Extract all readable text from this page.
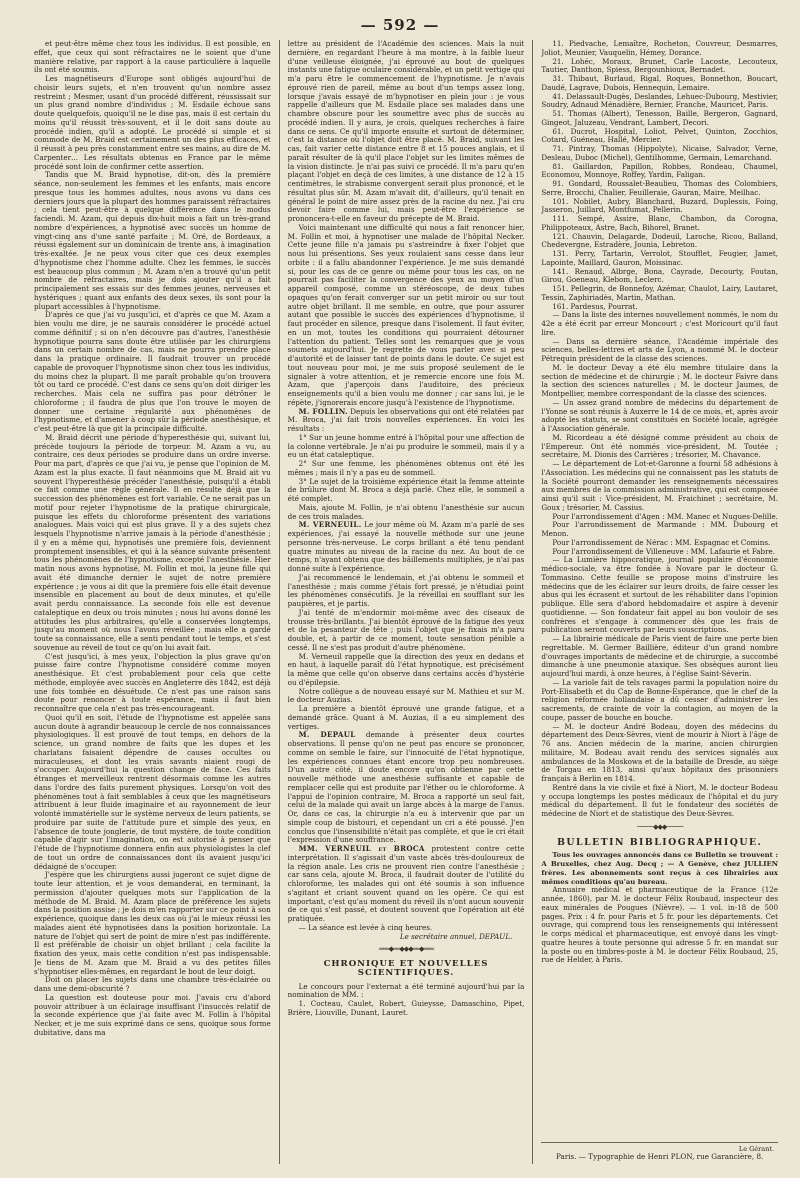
— 592 —

et peut-être même chez tous les individus. Il est possible, en effet, que ceux qui sont réfractaires ne le soient que d'une manière relative, par rapport à la cause particulière à laquelle ils ont été soumis.

Les magnétiseurs d'Europe sont obligés aujourd'hui de choisir leurs sujets, et n'en trouvent qu'un nombre assez restreint ; Mesmer, usant d'un procédé différent, réussissait sur un plus grand nombre d'individus ; M. Esdaile échoue sans doute quelquefois, quoiqu'il ne le dise pas, mais il est certain du moins qu'il réussit très-souvent, et il le doit sans doute au procédé indien, qu'il a adopté. Le procédé si simple et si commode de M. Braid est certainement un des plus efficaces, et il réussit à peu près constamment entre ses mains, au dire de M. Carpenter… Les résultats obtenus en France par le même procédé sont loin de confirmer cette assertion.

Tandis que M. Braid hypnotise, dit-on, dès la première séance, non-seulement les femmes et les enfants, mais encore presque tous les hommes adultes, nous avons vu dans ces derniers jours que la plupart des hommes paraissent réfractaires ; cela tient peut-être à quelque différence dans le modus faciendi. M. Azam, qui depuis dix-huit mois a fait un très-grand nombre d'expériences, a hypnotisé avec succès un homme de vingt-cinq ans d'une santé parfaite ; M. Oré, de Bordeaux, a réussi également sur un dominicain de trente ans, à imagination très-exaltée. Je ne peux vous citer que ces deux exemples d'hypnotisme chez l'homme adulte. Chez les femmes, le succès est beaucoup plus commun ; M. Azam n'en a trouvé qu'un petit nombre de réfractaires, mais je dois ajouter qu'il a fait principalement ses essais sur des femmes jeunes, nerveuses et hystériques ; quant aux enfants des deux sexes, ils sont pour la plupart accessibles à l'hypnotisme.

D'après ce que j'ai vu jusqu'ici, et d'après ce que M. Azam a bien voulu me dire, je ne saurais considérer le procédé actuel comme définitif ; si on n'en découvre pas d'autres, l'anesthésie hypnotique pourra sans doute être utilisée par les chirurgiens dans un certain nombre de cas, mais ne pourra prendre place dans la pratique ordinaire. Il faudrait trouver un procédé capable de provoquer l'hypnotisme sinon chez tous les individus, du moins chez la plupart. Il me paraît probable qu'on trouvera tôt ou tard ce procédé. C'est dans ce sens qu'on doit diriger les recherches. Mais cela ne suffira pas pour détrôner le chloroforme ; il faudra de plus que l'on trouve le moyen de donner une certaine régularité aux phénomènes de l'hypnotisme, et d'amener à coup sûr la période anesthésique, et c'est peut-être là que git la principale difficulté.

M. Braid décrit une période d'hyperesthésie qui, suivant lui, précède toujours la période de torpeur. M. Azam a vu, au contraire, ces deux périodes se produire dans un ordre inverse. Pour ma part, d'après ce que j'ai vu, je pense que l'opinion de M. Azam est la plus exacte. Il faut néanmoins que M. Braid ait vu souvent l'hyperesthésie précéder l'anesthésie, puisqu'il a établi ce fait comme une règle générale. Il en résulte déjà que la succession des phénomènes est fort variable. Ce ne serait pas un motif pour rejeter l'hypnotisme de la pratique chirurgicale, puisque les effets du chloroforme présentent des variations analogues. Mais voici qui est plus grave. Il y a des sujets chez lesquels l'hypnotisme n'arrive jamais à la période d'anesthésie ; il y en a même qui, hypnotisés une première fois, deviennent promptement insensibles, et qui à la séance suivante présentent tous les phénomènes de l'hypnotisme, excepté l'anesthésie. Hier matin nous avons hypnotisé, M. Follin et moi, la jeune fille qui avait été dimanche dernier le sujet de notre première expérience ; je vous ai dit que la première fois elle était devenue insensible en placement au bout de deux minutes, et qu'elle avait perdu connaissance. La seconde fois elle est devenue cataleptique en deux ou trois minutes ; nous lui avons donné les attitudes les plus arbitraires, qu'elle a conservées longtemps, jusqu'au moment où nous l'avons réveillée ; mais elle a gardé toute sa connaissance, elle a senti pendant tout le temps, et s'est souvenue au réveil de tout ce qu'on lui avait fait.

C'est jusqu'ici, à mes yeux, l'objection la plus grave qu'on puisse faire contre l'hypnotisme considéré comme moyen anesthésique. Et c'est probablement pour cela que cette méthode, employée avec succès en Angleterre dès 1842, est déjà une fois tombée en désuétude. Ce n'est pas une raison sans doute pour renoncer à toute espérance, mais il faut bien reconnaître que cela n'est pas très-encourageant.

Quoi qu'il en soit, l'étude de l'hypnotisme est appelée sans aucun doute à agrandir beaucoup le cercle de nos connaissances physiologiques. Il est prouvé de tout temps, en dehors de la science, un grand nombre de faits que les dupes et les charlatans faisaient dépendre de causes occultes ou miraculeuses, et dont les vrais savants niaient rougi de s'occuper. Aujourd'hui la question change de face. Ces faits étranges et merveilleux rentrent désormais comme les autres dans l'ordre des faits purement physiques. Lorsqu'on voit des phénomènes tout à fait semblables à ceux que les magnétiseurs attribuent à leur fluide imaginaire et au rayonnement de leur volonté immatérielle sur le système nerveux de leurs patients, se produire par suite de l'attitude pure et simple des yeux, en l'absence de toute jonglerie, de tout mystère, de toute condition capable d'agir sur l'imagination, on est autorisé à penser que l'étude de l'hypnotisme donnera enfin aux physiologistes la clef de tout un ordre de connaissances dont ils avaient jusqu'ici dédaigné de s'occuper.

J'espère que les chirurgiens aussi jugeront ce sujet digne de toute leur attention, et je vous demanderai, en terminant, la permission d'ajouter quelques mots sur l'application de la méthode de M. Braid. M. Azam place de préférence les sujets dans la position assise ; je dois m'en rapporter sur ce point à son expérience, quoique dans les deux cas où j'ai le mieux réussi les malades aient été hypnotisées dans la position horizontale. La nature de l'objet qui sert de point de mire n'est pas indifférente. Il est préférable de choisir un objet brillant ; cela facilite la fixation des yeux, mais cette condition n'est pas indispensable. Je tiens de M. Azam que M. Braid a vu des petites filles s'hypnotiser elles-mêmes, en regardant le bout de leur doigt.

Doit on placer les sujets dans une chambre très-éclairée ou dans une demi-obscurité ?

La question est douteuse pour moi. J'avais cru d'abord pouvoir attribuer à un éclairage insuffisant l'insuccès relatif de la seconde expérience que j'ai faite avec M. Follin à l'hôpital Necker, et je me suis exprimé dans ce sens, quoique sous forme dubitative, dans ma

lettre au président de l'Académie des sciences. Mais la nuit dernière, en regardant l'heure à ma montre, à la faible lueur d'une veilleuse éloignée, j'ai éprouvé au bout de quelques instants une fatigue oculaire considérable, et un petit vertige qui m'a paru être le commencement de l'hypnotisme. Je n'avais éprouvé rien de pareil, même au bout d'un temps assez long, lorsque j'avais essayé de m'hypnotiser en plein jour : je vous rappelle d'ailleurs que M. Esdaile place ses malades dans une chambre obscure pour les soumettre avec plus de succès au procédé indien. Il y aura, je crois, quelques recherches à faire dans ce sens. Ce qu'il importe ensuite et surtout de déterminer, c'est la distance où l'objet doit être placé. M. Braid, suivant les cas, fait varier cette distance entre 8 et 15 pouces anglais, et il paraît résulter de là qu'il place l'objet sur les limites mêmes de la vision distincte. Je n'ai pas suivi ce procédé. Il m'a paru qu'en plaçant l'objet en deçà de ces limites, à une distance de 12 à 15 centimètres, le strabisme convergent serait plus prononcé, et le résultat plus sûr. M. Azam m'avait dit, d'ailleurs, qu'il tenait en général le point de mire assez près de la racine du nez. J'ai cru devoir faire comme lui, mais peut-être l'expérience se prononcera-t-elle en faveur du précepte de M. Braid.

Voici maintenant une difficulté qui nous a fait renoncer hier, M. Follin et moi, à hypnotiser une malade de l'hôpital Necker. Cette jeune fille n'a jamais pu s'astreindre à fixer l'objet que nous lui présentions. Ses yeux roulaient sans cesse dans leur orbite : il a fallu abandonner l'expérience. Je me suis demandé si, pour les cas de ce genre ou même pour tous les cas, on ne pourrait pas faciliter la convergence des yeux au moyen d'un appareil composé, comme un stéréoscope, de deux tubes opaques qu'on ferait converger sur un petit miroir ou sur tout autre objet brillant. Il me semble, en outre, que pour assurer autant que possible le succès des expériences d'hypnotisme, il faut procéder en silence, presque dans l'isolement. Il faut éviter, en un mot, toutes les conditions qui pourraient détourner l'attention du patient. Telles sont les remarques que je vous soumets aujourd'hui. Je regrette de vous parler avec si peu d'autorité et de laisser tant de points dans le doute. Ce sujet est tout nouveau pour moi, je me suis proposé seulement de le signaler à votre attention, et je remercie encore une fois M. Azam, que j'aperçois dans l'auditoire, des précieux enseignements qu'il a bien voulu me donner ; car sans lui, je le répète, j'ignorerais encore jusqu'à l'existence de l'hypnotisme.

M. FOLLIN. Depuis les observations qui ont été relatées par M. Broca, j'ai fait trois nouvelles expériences. En voici les résultats :

1° Sur un jeune homme entré à l'hôpital pour une affection de la colonne vertébrale. Je n'ai pu produire le sommeil, mais il y a eu un état cataleptique.

2° Sur une femme, les phénomènes obtenus ont été les mêmes ; mais il n'y a pas eu de sommeil.

3° Le sujet de la troisième expérience était la femme atteinte de brûlure dont M. Broca a déjà parlé. Chez elle, le sommeil a été complet.

Mais, ajoute M. Follin, je n'ai obtenu l'anesthésie sur aucun de ces trois malades.

M. VERNEUIL. Le jour même où M. Azam m'a parlé de ses expériences, j'ai essayé la nouvelle méthode sur une jeune personne très-nerveuse. Le corps brillant a été tenu pendant quatre minutes au niveau de la racine du nez. Au bout de ce temps, n'ayant obtenu que des bâillements multipliés, je n'ai pas donné suite à l'expérience.

J'ai recommencé le lendemain, et j'ai obtenu le sommeil et l'anesthésie ; mais comme j'étais fort pressé, je n'étudiai point les phénomènes consécutifs. Je la réveillai en soufflant sur les paupières, et je partis.

J'ai tenté de m'endormir moi-même avec des ciseaux de trousse très-brillants. J'ai bientôt éprouvé de la fatigue des yeux et de la pesanteur de tête ; puis l'objet que je fixais m'a paru double, et, à partir de ce moment, toute sensation pénible a cessé. Il ne s'est pas produit d'autre phénomène.

M. Verneuil rappelle que la direction des yeux en dedans et en haut, à laquelle paraît dû l'état hypnotique, est précisément la même que celle qu'on observe dans certains accès d'hystérie ou d'épilepsie.

Notre collègue a de nouveau essayé sur M. Mathieu et sur M. le docteur Auzias.

La première a bientôt éprouvé une grande fatigue, et a demandé grâce. Quant à M. Auzias, il a eu simplement des vertiges.

M. DEPAUL demande à présenter deux courtes observations. Il pense qu'on ne peut pas encore se prononcer, comme on semble le faire, sur l'innocuité de l'état hypnotique, les expériences connues étant encore trop peu nombreuses. D'un autre côté, il doute encore qu'on obtienne par cette nouvelle méthode une anesthésie suffisante et capable de remplacer celle qui est produite par l'éther ou le chloroforme. A l'appui de l'opinion contraire, M. Broca a rapporté un seul fait, celui de la malade qui avait un large abcès à la marge de l'anus. Or, dans ce cas, la chirurgie n'a eu à intervenir que par un simple coup de bistouri, et cependant un cri a été poussé. J'en conclus que l'insensibilité n'était pas complète, et que le cri était l'expression d'une souffrance.

MM. VERNEUIL et BROCA protestent contre cette interprétation. Il s'agissait d'un vaste abcès très-douloureux de la région anale. Les cris ne prouvent rien contre l'anesthésie ; car sans cela, ajoute M. Broca, il faudrait douter de l'utilité du chloroforme, les malades qui ont été soumis à son influence s'agitant et criant souvent quand on les opère. Ce qui est important, c'est qu'au moment du réveil ils n'ont aucun souvenir de ce qui s'est passé, et doutent souvent que l'opération ait été pratiquée.

— La séance est levée à cinq heures.

Le secrétaire annuel, DEPAUL.

═══◆══◆◆◆══◆═══
CHRONIQUE ET NOUVELLES SCIENTIFIQUES.

Le concours pour l'externat a été terminé aujourd'hui par la nomination de MM. :

1. Cocteau, Caulet, Robert, Guieysse, Damaschino, Pipet, Brière, Liouville, Dunant, Lauret.

11. Piedvache, Lemaître, Rocheton, Couvreur, Desmarres, Joliot, Meunier, Vauquelin, Hémey, Dorance.

21. Lohéc, Moraux, Brunet, Carle Lacoste, Lecouteux, Tautier, Danthon, Spiess, Bergounhioux, Bernadet.

31. Thibaut, Burlaud, Rigal, Roques, Bonnethon, Boucart, Daudé, Lagrave, Dubois, Hennequin, Lemaire.

41. Delassault-Dugès, Deslandes, Lehuec-Dubourg, Mestivier, Soudry, Adnaud Ménadière, Bernier, Franche, Mauricet, Paris.

51. Thomas (Albert), Tenesson, Baille, Bergeron, Gagnard, Gingeot, Jaluzeau, Vendrant, Lambert, Decori.

61. Ducrot, Hospital, Loliot, Pelvet, Quinton, Zocchios, Cotard, Guéneau, Hallé, Mercier.

71. Pintray, Thomas (Hippolyte), Nicaise, Salvador, Verne, Desleau, Duboc (Michel), Gentilhomme, Germain, Lemarchand.

81. Gaillardon, Papillon, Robbes, Rondeau, Chaumel, Economou, Monnoye, Roffey, Yardin, Faligan.

91. Gondard, Roussalet-Beaulieu, Thomas des Colombiers, Serre, Brocchi, Chalier, Feuilleraie, Gauran, Maire, Meilhac.

101. Nobilet, Aubry, Blanchard, Buzard, Duplessis, Foing, Jasseron, Juillard, Montfumat, Pellerin.

111. Sempé, Assire, Blanc, Chambon, da Corogna, Philippoteaux, Astre, Bach, Bihorel, Branet.

121. Chauvin, Delagarde, Dodeuil, Laroche, Ricou, Balland, Chedevergne, Estradère, Jounia, Lebreton.

131. Perry, Tartarin, Verrolot, Stoufflet, Feugier, Jamet, Lapointe, Maillard, Gauron, Moissinac.

141. Renaud, Albrge, Bona, Cayrade, Decourty, Foutan, Girou, Goeneau, Klebom, Leclerc.

151. Pellegrin, de Bonnefoy, Azémar, Chaulot, Lairy, Lautaret, Tessin, Zaphiriadès, Martin, Mathan.

161. Pardesus, Pourrat.

— Dans la liste des internes nouvellement nommés, le nom du 42e a été écrit par erreur Moncourt ; c'est Moricourt qu'il faut lire.

— Dans sa dernière séance, l'Académie impériale des sciences, belles-lettres et arts de Lyon, a nommé M. le docteur Pétrequin président de la classe des sciences.

M. le docteur Devay a été élu membre titulaire dans la section de médecine et de chirurgie ; M. le docteur Faivre dans la section des sciences naturelles ; M. le docteur Jaumes, de Montpellier, membre correspondant de la classe des sciences.

— Un assez grand nombre de médecins du département de l'Yonne se sont réunis à Auxerre le 14 de ce mois, et, après avoir adopté les statuts, se sont constitués en Société locale, agrégée à l'Association générale.

M. Ricordeau a été désigné comme président au choix de l'Empereur. Ont été nommés vice-président, M. Toutée ; secrétaire, M. Dionis des Carrières ; trésorier, M. Chavance.

— Le département de Lot-et-Garonne a fourni 58 adhésions à l'Association. Les médecins qui ne connaissent pas les statuts de la Société pourront demander les renseignements nécessaires aux membres de la commission administrative, qui est composée ainsi qu'il suit : Vice-président, M. Fraichinet ; secrétaire, M. Goux ; trésorier, M. Cassius.

Pour l'arrondissement d'Agen : MM. Manec et Nugues-Delille.

Pour l'arrondissement de Marmande : MM. Dubourg et Menon.

Pour l'arrondissement de Nérac : MM. Espagnac et Comins.

Pour l'arrondissement de Villeneuve : MM. Lafaurie et Fabre.

— La Lumière hippocratique, journal populaire d'économie médico-sociale, va être fondée à Novare par le docteur G. Tommasino. Cette feuille se propose moins d'instruire les médecins que de les éclairer sur leurs droits, de faire cesser les abus qui les écrasent et surtout de les réhabiliter dans l'opinion publique. Elle sera d'abord hebdomadaire et aspire à devenir quotidienne. — Son fondateur fait appel au bon vouloir de ses confrères et s'engage à commencer dès que les frais de publication seront couverts par leurs souscriptions.

— La librairie médicale de Paris vient de faire une perte bien regrettable. M. Germer Baillière, éditeur d'un grand nombre d'ouvrages importants de médecine et de chirurgie, a succombé dimanche à une pneumonie ataxique. Ses obsèques auront lieu aujourd'hui mardi, à onze heures, à l'église Saint-Séverin.

— La variole fait de tels ravages parmi la population noire du Port-Elisabeth et du Cap de Bonne-Espérance, que le chef de la religion réformée hollandaise a dû cesser d'administrer les sacrements, de crainte de voir la contagion, au moyen de la coupe, passer de bouche en bouche.

— M. le docteur André Bodeau, doyen des médecins du département des Deux-Sèvres, vient de mourir à Niort à l'âge de 76 ans. Ancien médecin de la marine, ancien chirurgien militaire, M. Bodeau avait rendu des services signalés aux ambulances de la Moskowa et de la bataille de Dresde, au siège de Torgau en 1813, ainsi qu'aux hôpitaux des prisonniers français à Berlin en 1814.

Rentré dans la vie civile et fixé à Niort, M. le docteur Bodeau y occupa longtemps les postes médicaux de l'hôpital et du jury médical du département. Il fut le fondateur des sociétés de médecine de Niort et de statistique des Deux-Sèvres.

─────◆◆◆─────
BULLETIN BIBLIOGRAPHIQUE.

Tous les ouvrages annoncés dans ce Bulletin se trouvent : A Bruxelles, chez Aug. Decq ; — A Genève, chez JULLIEN frères. Les abonnements sont reçus à ces librairies aux mêmes conditions qu'au bureau.

Annuaire médical et pharmaceutique de la France (12e année, 1860), par M. le docteur Félix Roubaud, inspecteur des eaux minérales de Pougues (Nièvre). — 1 vol. in-18 de 500 pages. Prix : 4 fr. pour Paris et 5 fr. pour les départements. Cet ouvrage, qui comprend tous les renseignements qui intéressent le corps médical et pharmaceutique, est envoyé dans les vingt-quatre heures à toute personne qui adresse 5 fr. en mandat sur la poste ou en timbres-poste à M. le docteur Félix Roubaud, 25, rue de Helder, à Paris.

Le Gérant.
Paris. — Typographie de Henri PLON, rue Garancière, 8.
